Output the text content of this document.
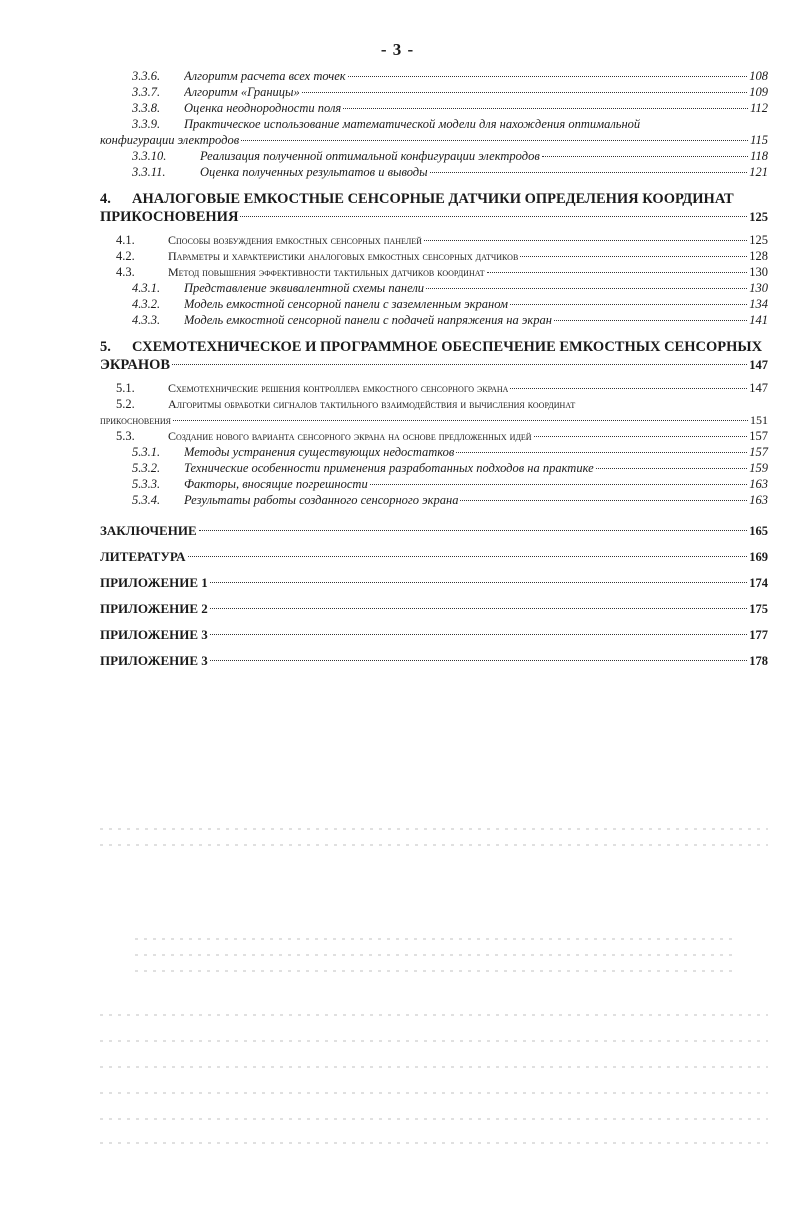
- 3 -
3.3.6.	Алгоритм расчета всех точек	108
3.3.7.	Алгоритм «Границы»	109
3.3.8.	Оценка неоднородности поля	112
3.3.9.	Практическое использование математической модели для нахождения оптимальной
конфигурации электродов	115
3.3.10.	Реализация полученной оптимальной конфигурации электродов	118
3.3.11.	Оценка полученных результатов и выводы	121
4.	АНАЛОГОВЫЕ ЕМКОСТНЫЕ СЕНСОРНЫЕ ДАТЧИКИ ОПРЕДЕЛЕНИЯ КООРДИНАТ
ПРИКОСНОВЕНИЯ	125
4.1.	Способы возбуждения емкостных сенсорных панелей	125
4.2.	Параметры и характеристики аналоговых емкостных сенсорных датчиков	128
4.3.	Метод повышения эффективности тактильных датчиков координат	130
4.3.1.	Представление эквивалентной схемы панели	130
4.3.2.	Модель емкостной сенсорной панели с заземленным экраном	134
4.3.3.	Модель емкостной сенсорной панели с подачей напряжения на экран	141
5.	СХЕМОТЕХНИЧЕСКОЕ И ПРОГРАММНОЕ ОБЕСПЕЧЕНИЕ ЕМКОСТНЫХ СЕНСОРНЫХ
ЭКРАНОВ	147
5.1.	Схемотехнические решения контроллера емкостного сенсорного экрана	147
5.2.	Алгоритмы обработки сигналов тактильного взаимодействия и вычисления координат
прикосновения	151
5.3.	Создание нового варианта сенсорного экрана на основе предложенных идей	157
5.3.1.	Методы устранения существующих недостатков	157
5.3.2.	Технические особенности применения разработанных подходов на практике	159
5.3.3.	Факторы, вносящие погрешности	163
5.3.4.	Результаты работы созданного сенсорного экрана	163
ЗАКЛЮЧЕНИЕ	165
ЛИТЕРАТУРА	169
ПРИЛОЖЕНИЕ 1	174
ПРИЛОЖЕНИЕ 2	175
ПРИЛОЖЕНИЕ 3	177
ПРИЛОЖЕНИЕ 3	178
